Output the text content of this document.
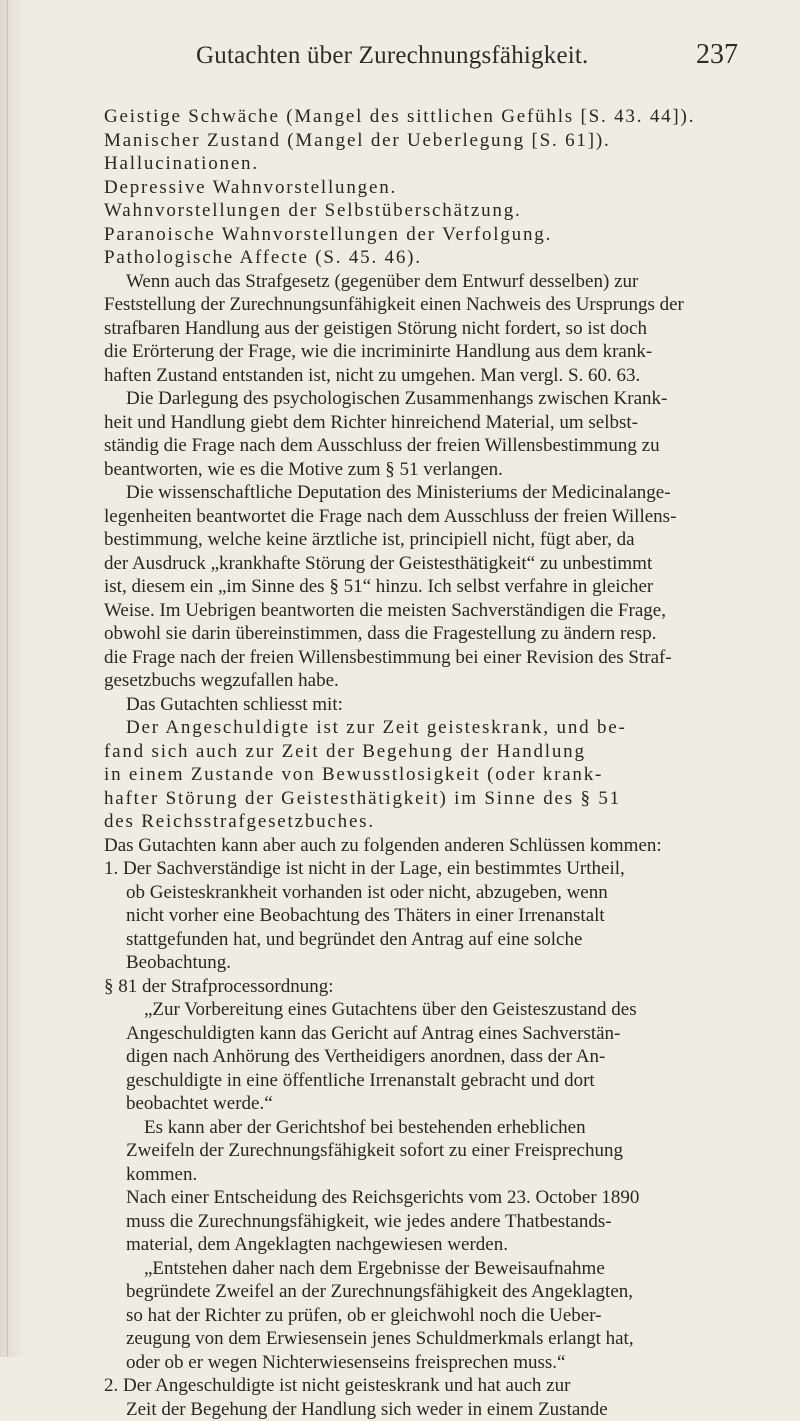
Gutachten über Zurechnungsfähigkeit.	237
Geistige Schwäche (Mangel des sittlichen Gefühls [S. 43. 44]).
Manischer Zustand (Mangel der Ueberlegung [S. 61]).
Hallucinationen.
Depressive Wahnvorstellungen.
Wahnvorstellungen der Selbstüberschätzung.
Paranoische Wahnvorstellungen der Verfolgung.
Pathologische Affecte (S. 45. 46).
Wenn auch das Strafgesetz (gegenüber dem Entwurf desselben) zur
Feststellung der Zurechnungsunfähigkeit einen Nachweis des Ursprungs der
strafbaren Handlung aus der geistigen Störung nicht fordert, so ist doch
die Erörterung der Frage, wie die incriminirte Handlung aus dem krank-
haften Zustand entstanden ist, nicht zu umgehen. Man vergl. S. 60. 63.
Die Darlegung des psychologischen Zusammenhangs zwischen Krank-
heit und Handlung giebt dem Richter hinreichend Material, um selbst-
ständig die Frage nach dem Ausschluss der freien Willensbestimmung zu
beantworten, wie es die Motive zum § 51 verlangen.
Die wissenschaftliche Deputation des Ministeriums der Medicinalange-
legenheiten beantwortet die Frage nach dem Ausschluss der freien Willens-
bestimmung, welche keine ärztliche ist, principiell nicht, fügt aber, da
der Ausdruck „krankhafte Störung der Geistesthätigkeit“ zu unbestimmt
ist, diesem ein „im Sinne des § 51“ hinzu. Ich selbst verfahre in gleicher
Weise. Im Uebrigen beantworten die meisten Sachverständigen die Frage,
obwohl sie darin übereinstimmen, dass die Fragestellung zu ändern resp.
die Frage nach der freien Willensbestimmung bei einer Revision des Straf-
gesetzbuchs wegzufallen habe.
Das Gutachten schliesst mit:
Der Angeschuldigte ist zur Zeit geisteskrank, und be-
fand sich auch zur Zeit der Begehung der Handlung
in einem Zustande von Bewusstlosigkeit (oder krank-
hafter Störung der Geistesthätigkeit) im Sinne des § 51
des Reichsstrafgesetzbuches.
Das Gutachten kann aber auch zu folgenden anderen Schlüssen kommen:
1. Der Sachverständige ist nicht in der Lage, ein bestimmtes Urtheil,
ob Geisteskrankheit vorhanden ist oder nicht, abzugeben, wenn
nicht vorher eine Beobachtung des Thäters in einer Irrenanstalt
stattgefunden hat, und begründet den Antrag auf eine solche
Beobachtung.
§ 81 der Strafprocessordnung:
„Zur Vorbereitung eines Gutachtens über den Geisteszustand des
Angeschuldigten kann das Gericht auf Antrag eines Sachverstän-
digen nach Anhörung des Vertheidigers anordnen, dass der An-
geschuldigte in eine öffentliche Irrenanstalt gebracht und dort
beobachtet werde.“
Es kann aber der Gerichtshof bei bestehenden erheblichen
Zweifeln der Zurechnungsfähigkeit sofort zu einer Freisprechung
kommen.
Nach einer Entscheidung des Reichsgerichts vom 23. October 1890
muss die Zurechnungsfähigkeit, wie jedes andere Thatbestands-
material, dem Angeklagten nachgewiesen werden.
„Entstehen daher nach dem Ergebnisse der Beweisaufnahme
begründete Zweifel an der Zurechnungsfähigkeit des Angeklagten,
so hat der Richter zu prüfen, ob er gleichwohl noch die Ueber-
zeugung von dem Erwiesensein jenes Schuldmerkmals erlangt hat,
oder ob er wegen Nichterwiesenseins freisprechen muss.“
2. Der Angeschuldigte ist nicht geisteskrank und hat auch zur
Zeit der Begehung der Handlung sich weder in einem Zustande
